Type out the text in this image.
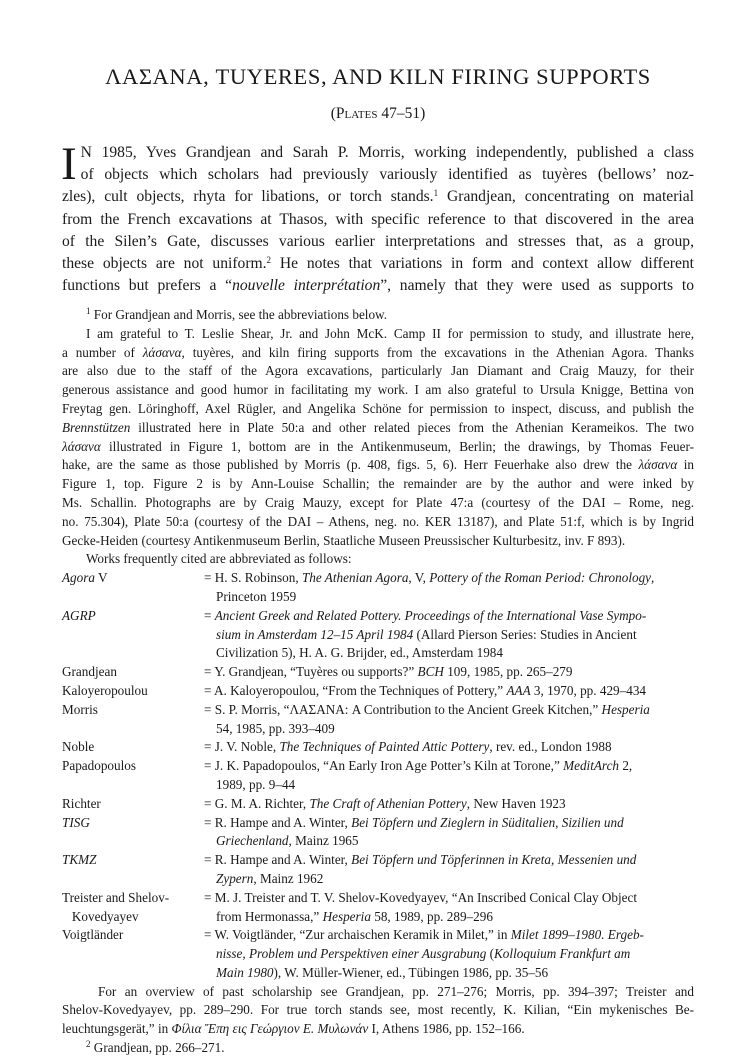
ΛΑΣΑΝΑ, TUYERES, AND KILN FIRING SUPPORTS
(Plates 47–51)
I N 1985, Yves Grandjean and Sarah P. Morris, working independently, published a class
of objects which scholars had previously variously identified as tuyères (bellows’ noz-
zles), cult objects, rhyta for libations, or torch stands.$^1$ Grandjean, concentrating on material
from the French excavations at Thasos, with specific reference to that discovered in the area
of the Silen’s Gate, discusses various earlier interpretations and stresses that, as a group,
these objects are not uniform.$^2$ He notes that variations in form and context allow different
functions but prefers a “nouvelle interprétation”, namely that they were used as supports to
$^1$ For Grandjean and Morris, see the abbreviations below.
I am grateful to T. Leslie Shear, Jr. and John McK. Camp II for permission to study, and illustrate here,
a number of λάσανα, tuyères, and kiln firing supports from the excavations in the Athenian Agora. Thanks
are also due to the staff of the Agora excavations, particularly Jan Diamant and Craig Mauzy, for their
generous assistance and good humor in facilitating my work. I am also grateful to Ursula Knigge, Bettina von
Freytag gen. Löringhoff, Axel Rügler, and Angelika Schöne for permission to inspect, discuss, and publish the
Brennstützen illustrated here in Plate 50:a and other related pieces from the Athenian Kerameikos. The two
λάσανα illustrated in Figure 1, bottom are in the Antikenmuseum, Berlin; the drawings, by Thomas Feuer-
hake, are the same as those published by Morris (p. 408, figs. 5, 6). Herr Feuerhake also drew the λάσανα in
Figure 1, top. Figure 2 is by Ann-Louise Schallin; the remainder are by the author and were inked by
Ms. Schallin. Photographs are by Craig Mauzy, except for Plate 47:a (courtesy of the DAI – Rome, neg.
no. 75.304), Plate 50:a (courtesy of the DAI – Athens, neg. no. KER 13187), and Plate 51:f, which is by Ingrid
Gecke-Heiden (courtesy Antikenmuseum Berlin, Staatliche Museen Preussischer Kulturbesitz, inv. F 893).
Works frequently cited are abbreviated as follows:
Agora V	= H. S. Robinson, The Athenian Agora, V, Pottery of the Roman Period: Chronology,
Princeton 1959
AGRP	= Ancient Greek and Related Pottery. Proceedings of the International Vase Sympo-
sium in Amsterdam 12–15 April 1984 (Allard Pierson Series: Studies in Ancient
Civilization 5), H. A. G. Brijder, ed., Amsterdam 1984
Grandjean	= Y. Grandjean, “Tuyères ou supports?” BCH 109, 1985, pp. 265–279
Kaloyeropoulou	= A. Kaloyeropoulou, “From the Techniques of Pottery,” AAA 3, 1970, pp. 429–434
Morris	= S. P. Morris, “ΛΑΣΑΝΑ: A Contribution to the Ancient Greek Kitchen,” Hesperia
54, 1985, pp. 393–409
Noble	= J. V. Noble, The Techniques of Painted Attic Pottery, rev. ed., London 1988
Papadopoulos	= J. K. Papadopoulos, “An Early Iron Age Potter’s Kiln at Torone,” MeditArch 2,
1989, pp. 9–44
Richter	= G. M. A. Richter, The Craft of Athenian Pottery, New Haven 1923
TISG	= R. Hampe and A. Winter, Bei Töpfern und Zieglern in Süditalien, Sizilien und
Griechenland, Mainz 1965
TKMZ	= R. Hampe and A. Winter, Bei Töpfern und Töpferinnen in Kreta, Messenien und
Zypern, Mainz 1962
Treister and Shelov-
Kovedyayev
= M. J. Treister and T. V. Shelov-Kovedyayev, “An Inscribed Conical Clay Object
from Hermonassa,” Hesperia 58, 1989, pp. 289–296
Voigtländer	= W. Voigtländer, “Zur archaischen Keramik in Milet,” in Milet 1899–1980. Ergeb-
nisse, Problem und Perspektiven einer Ausgrabung (Kolloquium Frankfurt am
Main 1980), W. Müller-Wiener, ed., Tübingen 1986, pp. 35–56
For an overview of past scholarship see Grandjean, pp. 271–276; Morris, pp. 394–397; Treister and
Shelov-Kovedyayev, pp. 289–290. For true torch stands see, most recently, K. Kilian, “Ein mykenisches Be-
leuchtungsgerät,” in Φίλια Ἔπη εις Γεώργιον Ε. Μυλωνάν I, Athens 1986, pp. 152–166.
$^2$ Grandjean, pp. 266–271.
